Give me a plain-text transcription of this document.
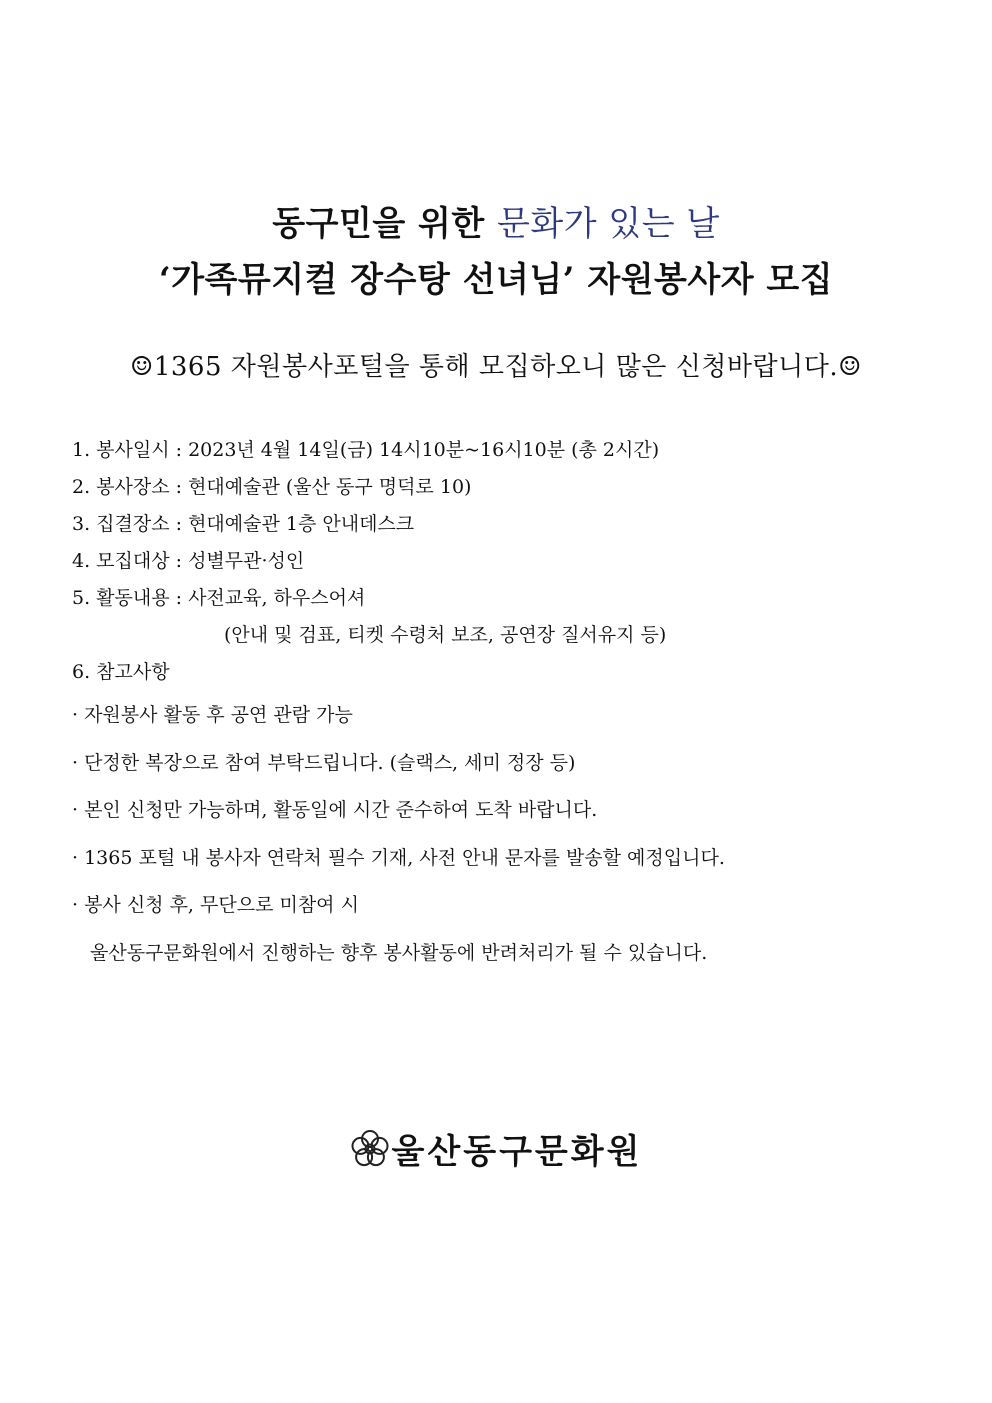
동구민을 위한 문화가 있는 날
‘가족뮤지컬 장수탕 선녀님’ 자원봉사자 모집
☺1365 자원봉사포털을 통해 모집하오니 많은 신청바랍니다.☺
1. 봉사일시 : 2023년 4월 14일(금) 14시10분~16시10분 (총 2시간)
2. 봉사장소 : 현대예술관 (울산 동구 명덕로 10)
3. 집결장소 : 현대예술관 1층 안내데스크
4. 모집대상 : 성별무관·성인
5. 활동내용 : 사전교육, 하우스어셔
(안내 및 검표, 티켓 수령처 보조, 공연장 질서유지 등)
6. 참고사항
· 자원봉사 활동 후 공연 관람 가능
· 단정한 복장으로 참여 부탁드립니다. (슬랙스, 세미 정장 등)
· 본인 신청만 가능하며, 활동일에 시간 준수하여 도착 바랍니다.
· 1365 포털 내 봉사자 연락처 필수 기재, 사전 안내 문자를 발송할 예정입니다.
· 봉사 신청 후, 무단으로 미참여 시
울산동구문화원에서 진행하는 향후 봉사활동에 반려처리가 될 수 있습니다.
울산동구문화원
